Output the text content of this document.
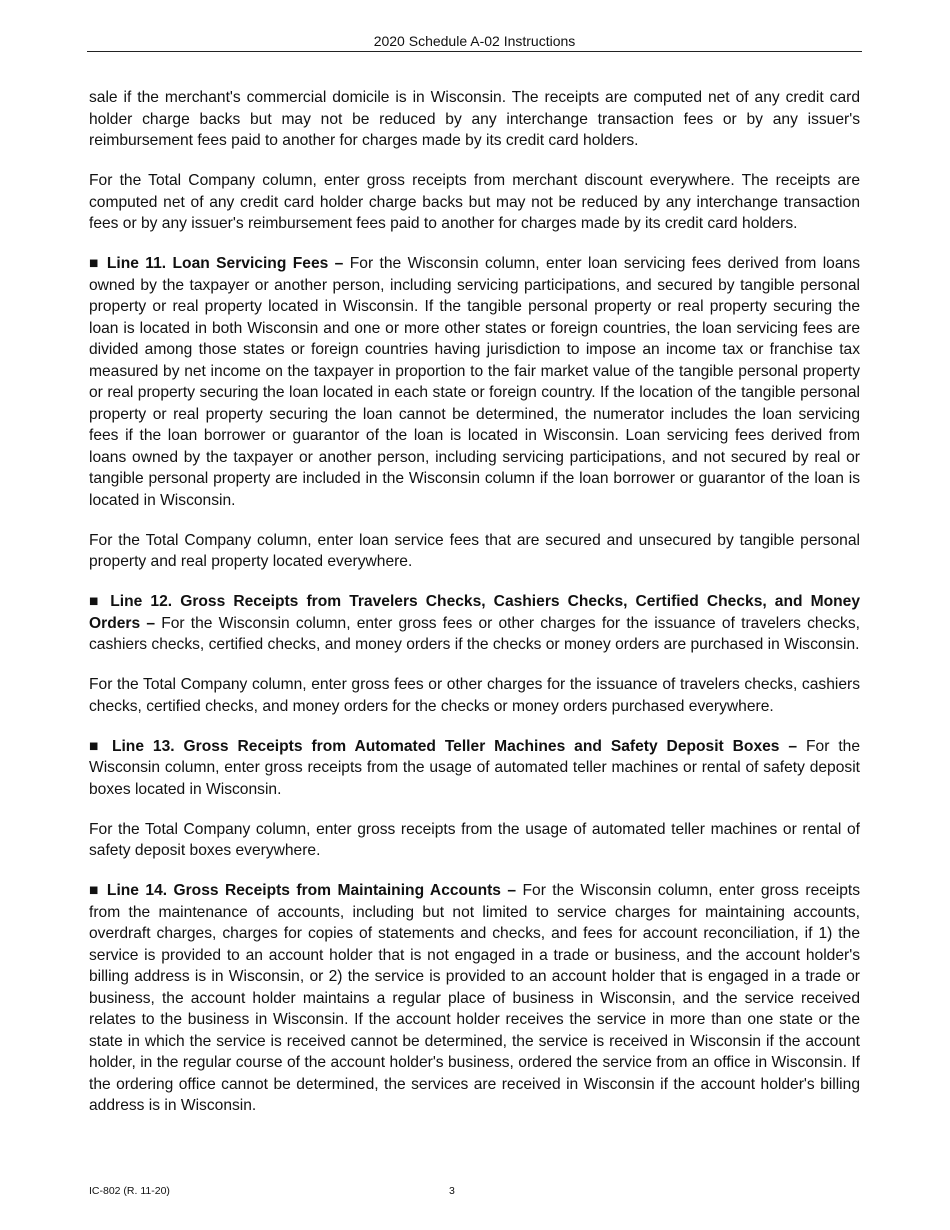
2020 Schedule A-02 Instructions

sale if the merchant's commercial domicile is in Wisconsin. The receipts are computed net of any credit card holder charge backs but may not be reduced by any interchange transaction fees or by any issuer's reimbursement fees paid to another for charges made by its credit card holders.

For the Total Company column, enter gross receipts from merchant discount everywhere. The receipts are computed net of any credit card holder charge backs but may not be reduced by any interchange transaction fees or by any issuer's reimbursement fees paid to another for charges made by its credit card holders.

■ Line 11. Loan Servicing Fees – For the Wisconsin column, enter loan servicing fees derived from loans owned by the taxpayer or another person, including servicing participations, and secured by tangible personal property or real property located in Wisconsin. If the tangible personal property or real property securing the loan is located in both Wisconsin and one or more other states or foreign countries, the loan servicing fees are divided among those states or foreign countries having jurisdiction to impose an income tax or franchise tax measured by net income on the taxpayer in proportion to the fair market value of the tangible personal property or real property securing the loan located in each state or foreign country. If the location of the tangible personal property or real property securing the loan cannot be determined, the numerator includes the loan servicing fees if the loan borrower or guarantor of the loan is located in Wisconsin. Loan servicing fees derived from loans owned by the taxpayer or another person, including servicing participations, and not secured by real or tangible personal property are included in the Wisconsin column if the loan borrower or guarantor of the loan is located in Wisconsin.

For the Total Company column, enter loan service fees that are secured and unsecured by tangible personal property and real property located everywhere.

■ Line 12. Gross Receipts from Travelers Checks, Cashiers Checks, Certified Checks, and Money Orders – For the Wisconsin column, enter gross fees or other charges for the issuance of travelers checks, cashiers checks, certified checks, and money orders if the checks or money orders are purchased in Wisconsin.

For the Total Company column, enter gross fees or other charges for the issuance of travelers checks, cashiers checks, certified checks, and money orders for the checks or money orders purchased everywhere.

■ Line 13. Gross Receipts from Automated Teller Machines and Safety Deposit Boxes – For the Wisconsin column, enter gross receipts from the usage of automated teller machines or rental of safety deposit boxes located in Wisconsin.

For the Total Company column, enter gross receipts from the usage of automated teller machines or rental of safety deposit boxes everywhere.

■ Line 14. Gross Receipts from Maintaining Accounts – For the Wisconsin column, enter gross receipts from the maintenance of accounts, including but not limited to service charges for maintaining accounts, overdraft charges, charges for copies of statements and checks, and fees for account reconciliation, if 1) the service is provided to an account holder that is not engaged in a trade or business, and the account holder's billing address is in Wisconsin, or 2) the service is provided to an account holder that is engaged in a trade or business, the account holder maintains a regular place of business in Wisconsin, and the service received relates to the business in Wisconsin. If the account holder receives the service in more than one state or the state in which the service is received cannot be determined, the service is received in Wisconsin if the account holder, in the regular course of the account holder's business, ordered the service from an office in Wisconsin. If the ordering office cannot be determined, the services are received in Wisconsin if the account holder's billing address is in Wisconsin.

IC-802 (R. 11-20)	3
